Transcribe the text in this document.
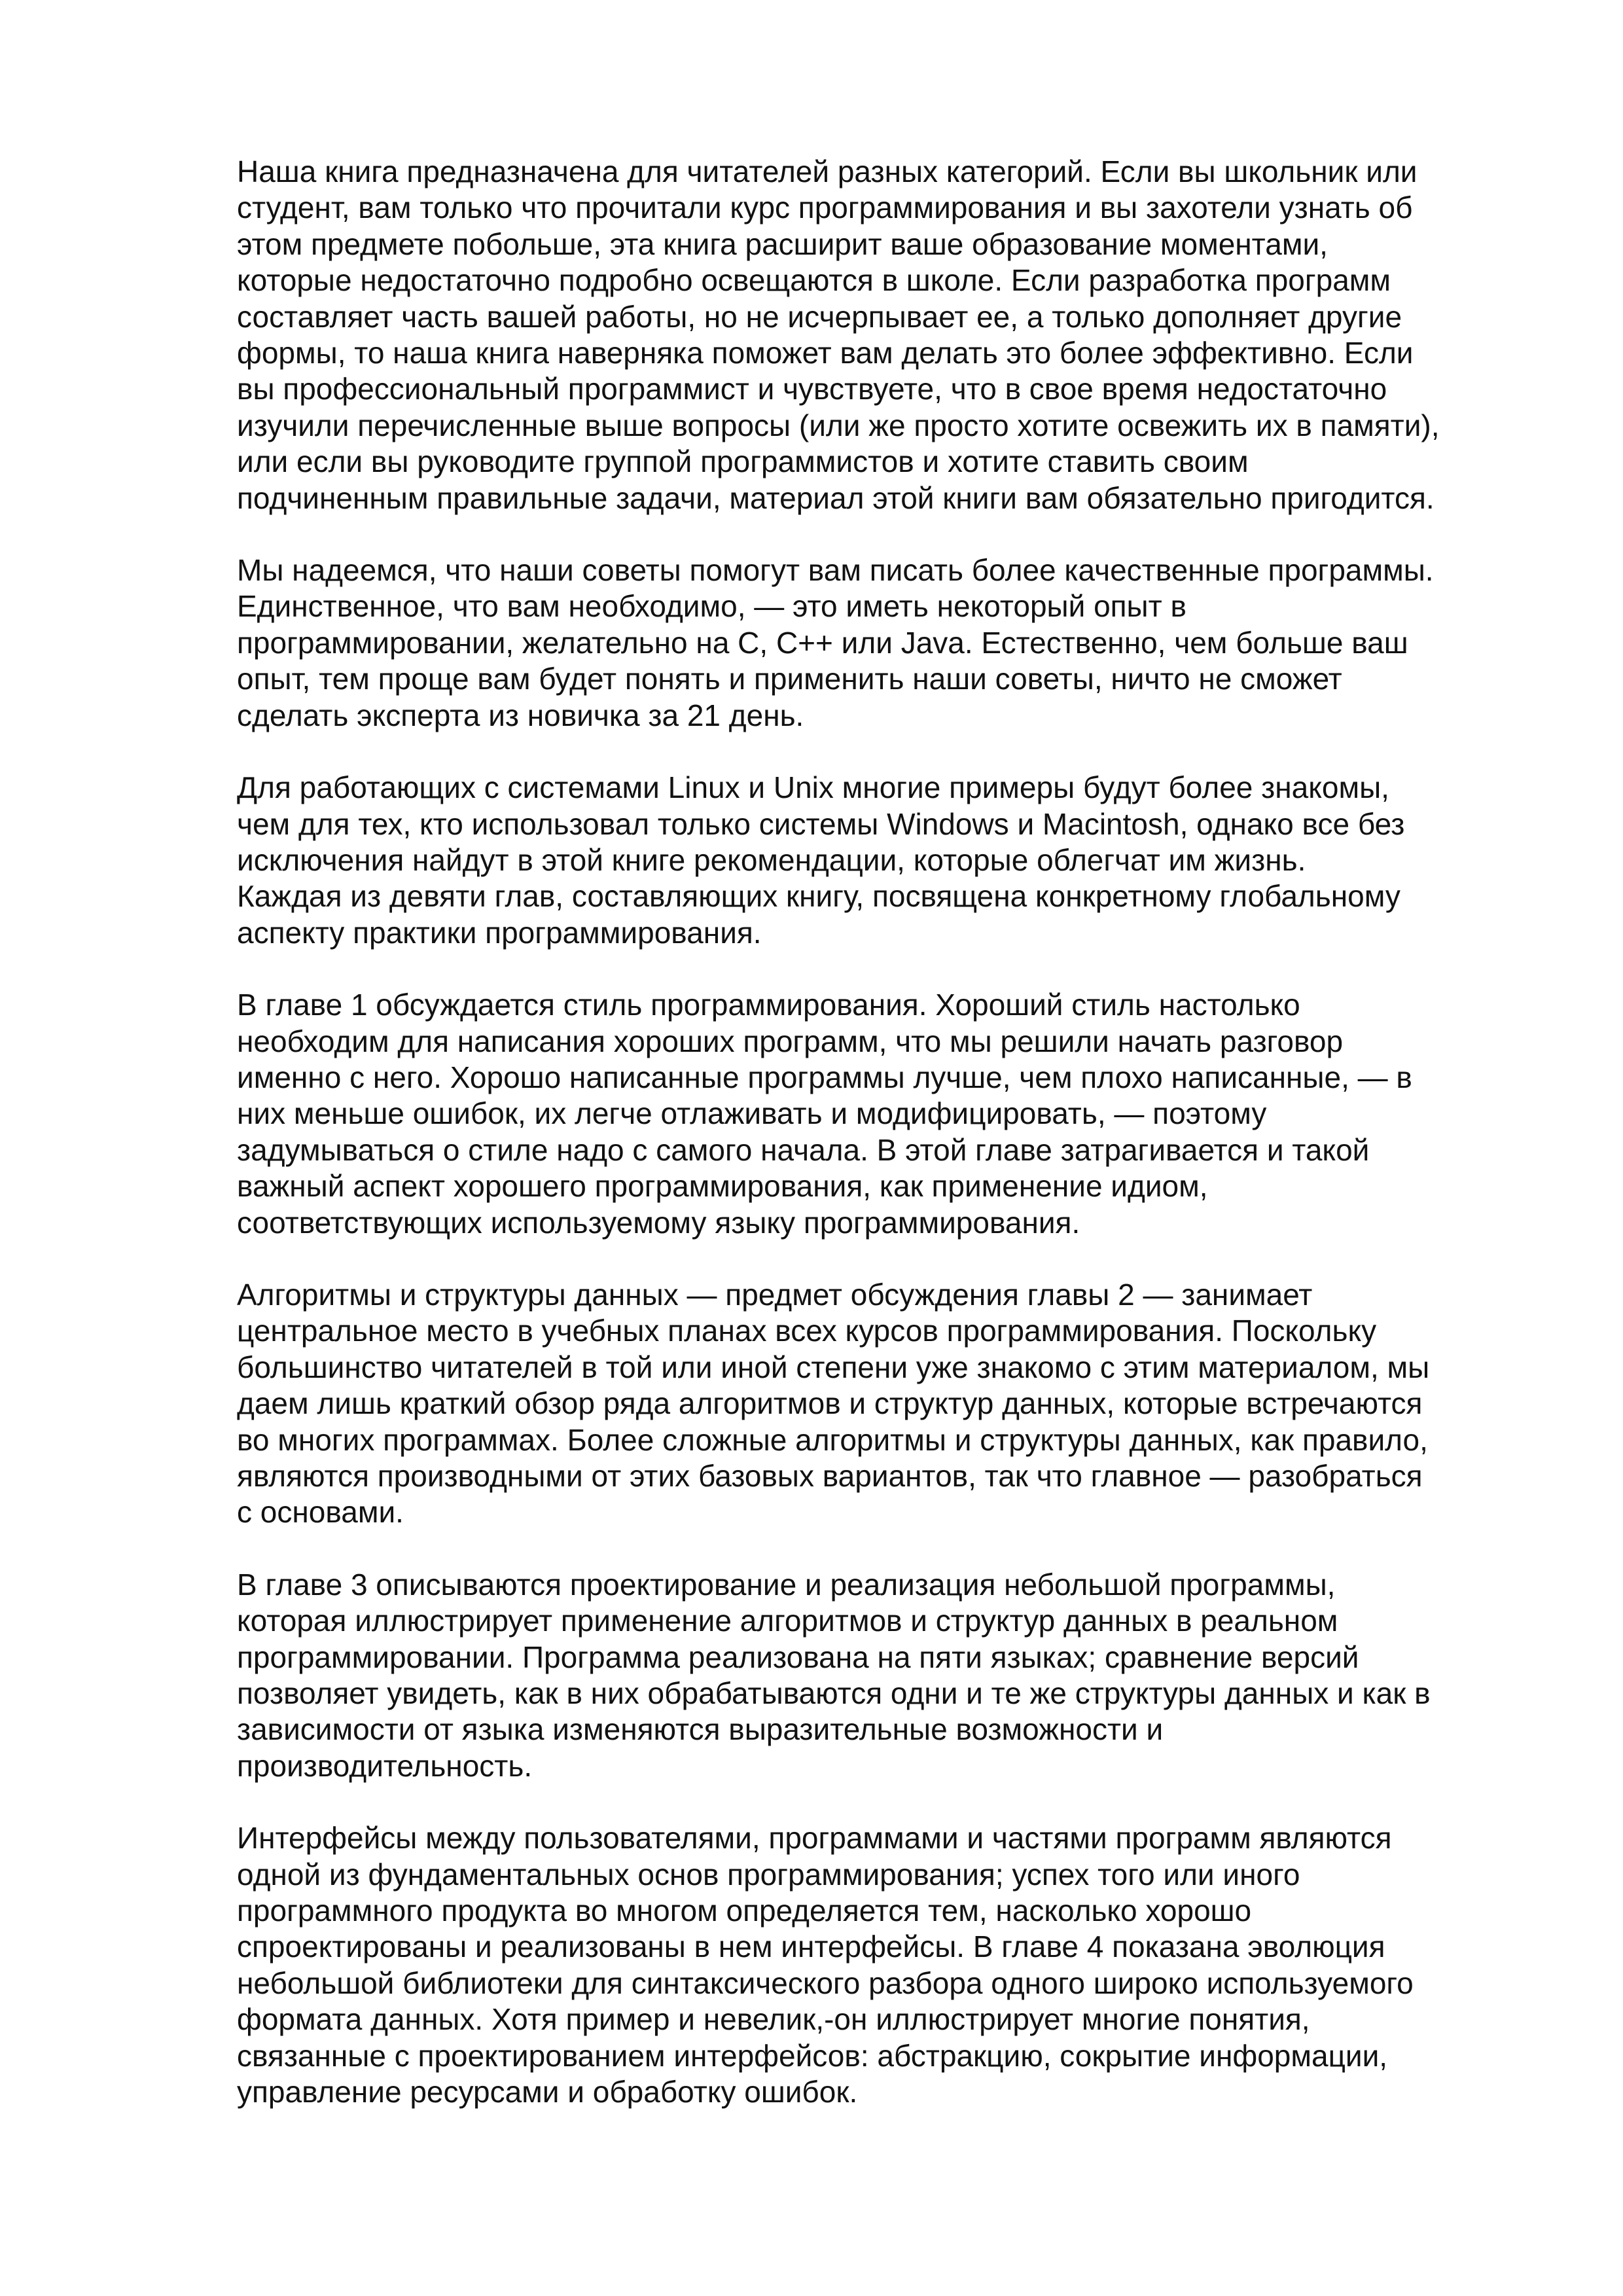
Наша книга предназначена для читателей разных категорий. Если вы школьник или
студент, вам только что прочитали курс программирования и вы захотели узнать об
этом предмете побольше, эта книга расширит ваше образование моментами,
которые недостаточно подробно освещаются в школе. Если разработка программ
составляет часть вашей работы, но не исчерпывает ее, а только дополняет другие
формы, то наша книга наверняка поможет вам делать это более эффективно. Если
вы профессиональный программист и чувствуете, что в свое время недостаточно
изучили перечисленные выше вопросы (или же просто хотите освежить их в памяти),
или если вы руководите группой программистов и хотите ставить своим
подчиненным правильные задачи, материал этой книги вам обязательно пригодится.
Мы надеемся, что наши советы помогут вам писать более качественные программы.
Единственное, что вам необходимо, — это иметь некоторый опыт в
программировании, желательно на С, C++ или Java. Естественно, чем больше ваш
опыт, тем проще вам будет понять и применить наши советы, ничто не сможет
сделать эксперта из новичка за 21 день.
Для работающих с системами Linux и Unix многие примеры будут более знакомы,
чем для тех, кто использовал только системы Windows и Macintosh, однако все без
исключения найдут в этой книге рекомендации, которые облегчат им жизнь.
Каждая из девяти глав, составляющих книгу, посвящена конкретному глобальному
аспекту практики программирования.
В главе 1 обсуждается стиль программирования. Хороший стиль настолько
необходим для написания хороших программ, что мы решили начать разговор
именно с него. Хорошо написанные программы лучше, чем плохо написанные, — в
них меньше ошибок, их легче отлаживать и модифицировать, — поэтому
задумываться о стиле надо с самого начала. В этой главе затрагивается и такой
важный аспект хорошего программирования, как применение идиом,
соответствующих используемому языку программирования.
Алгоритмы и структуры данных — предмет обсуждения главы 2 — занимает
центральное место в учебных планах всех курсов программирования. Поскольку
большинство читателей в той или иной степени уже знакомо с этим материалом, мы
даем лишь краткий обзор ряда алгоритмов и структур данных, которые встречаются
во многих программах. Более сложные алгоритмы и структуры данных, как правило,
являются производными от этих базовых вариантов, так что главное — разобраться
с основами.
В главе 3 описываются проектирование и реализация небольшой программы,
которая иллюстрирует применение алгоритмов и структур данных в реальном
программировании. Программа реализована на пяти языках; сравнение версий
позволяет увидеть, как в них обрабатываются одни и те же структуры данных и как в
зависимости от языка изменяются выразительные возможности и
производительность.
Интерфейсы между пользователями, программами и частями программ являются
одной из фундаментальных основ программирования; успех того или иного
программного продукта во многом определяется тем, насколько хорошо
спроектированы и реализованы в нем интерфейсы. В главе 4 показана эволюция
небольшой библиотеки для синтаксического разбора одного широко используемого
формата данных. Хотя пример и невелик,-он иллюстрирует многие понятия,
связанные с проектированием интерфейсов: абстракцию, сокрытие информации,
управление ресурсами и обработку ошибок.
